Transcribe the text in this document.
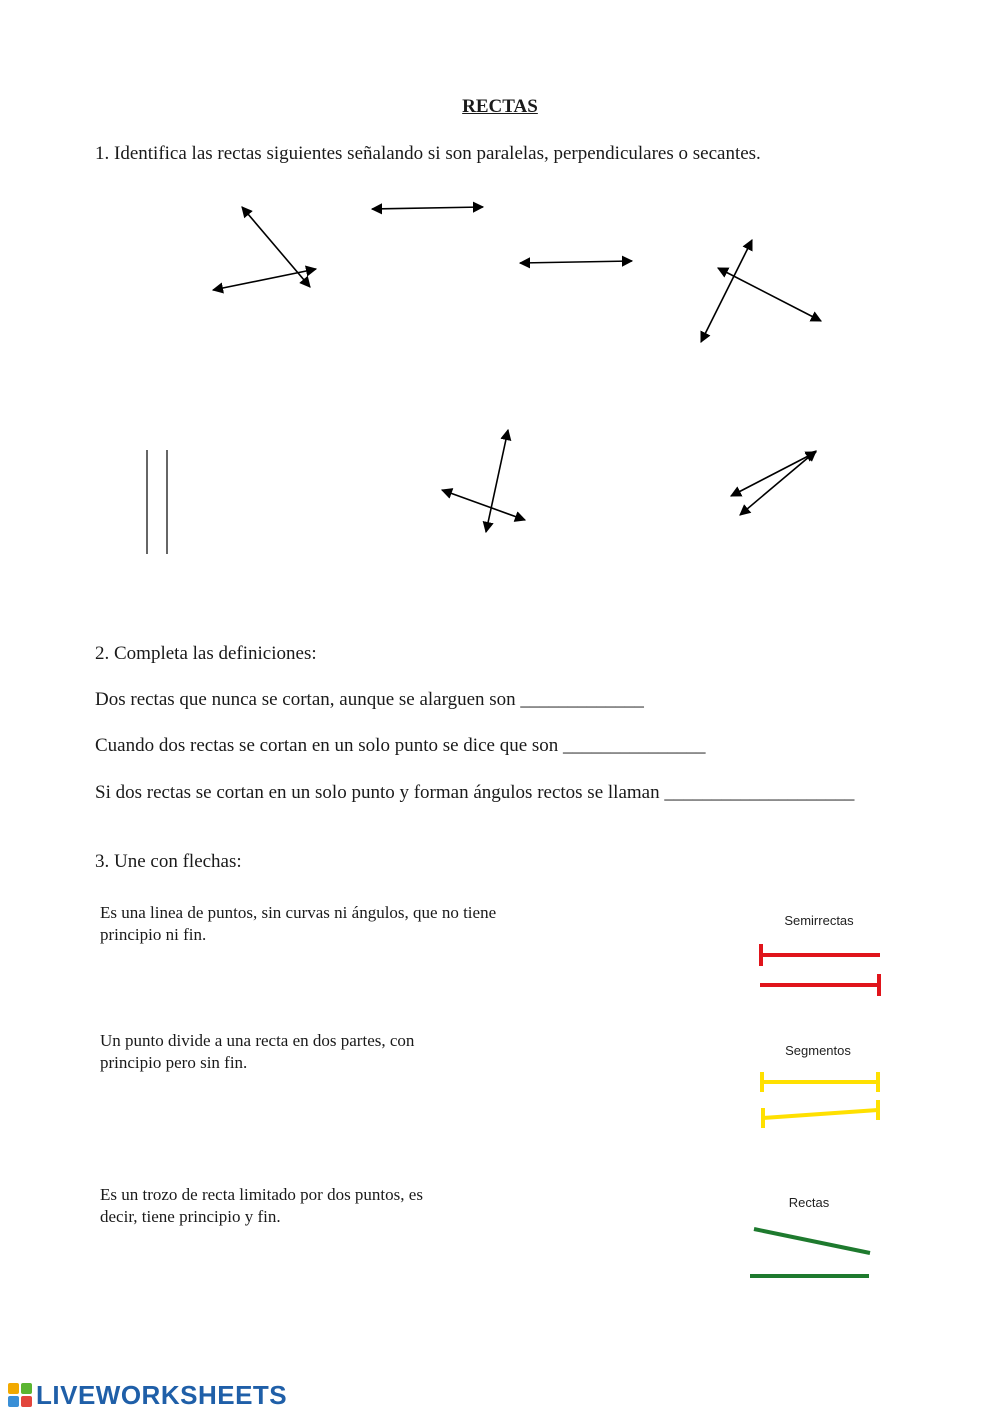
RECTAS
1. Identifica las rectas siguientes señalando si son paralelas, perpendiculares o secantes.
2. Completa las definiciones:
Dos rectas que nunca se cortan, aunque se alarguen son _____________
Cuando dos rectas se cortan en un solo punto se dice que son _______________
Si dos rectas se cortan en un solo punto y forman ángulos rectos se llaman ____________________
3. Une con flechas:
Es una linea de puntos, sin curvas ni ángulos, que no tiene principio ni fin.
Un punto divide a una recta en dos partes, con principio pero sin fin.
Es un trozo de recta limitado por dos puntos, es decir, tiene principio y fin.
Semirrectas
Segmentos
Rectas
LIVEWORKSHEETS
